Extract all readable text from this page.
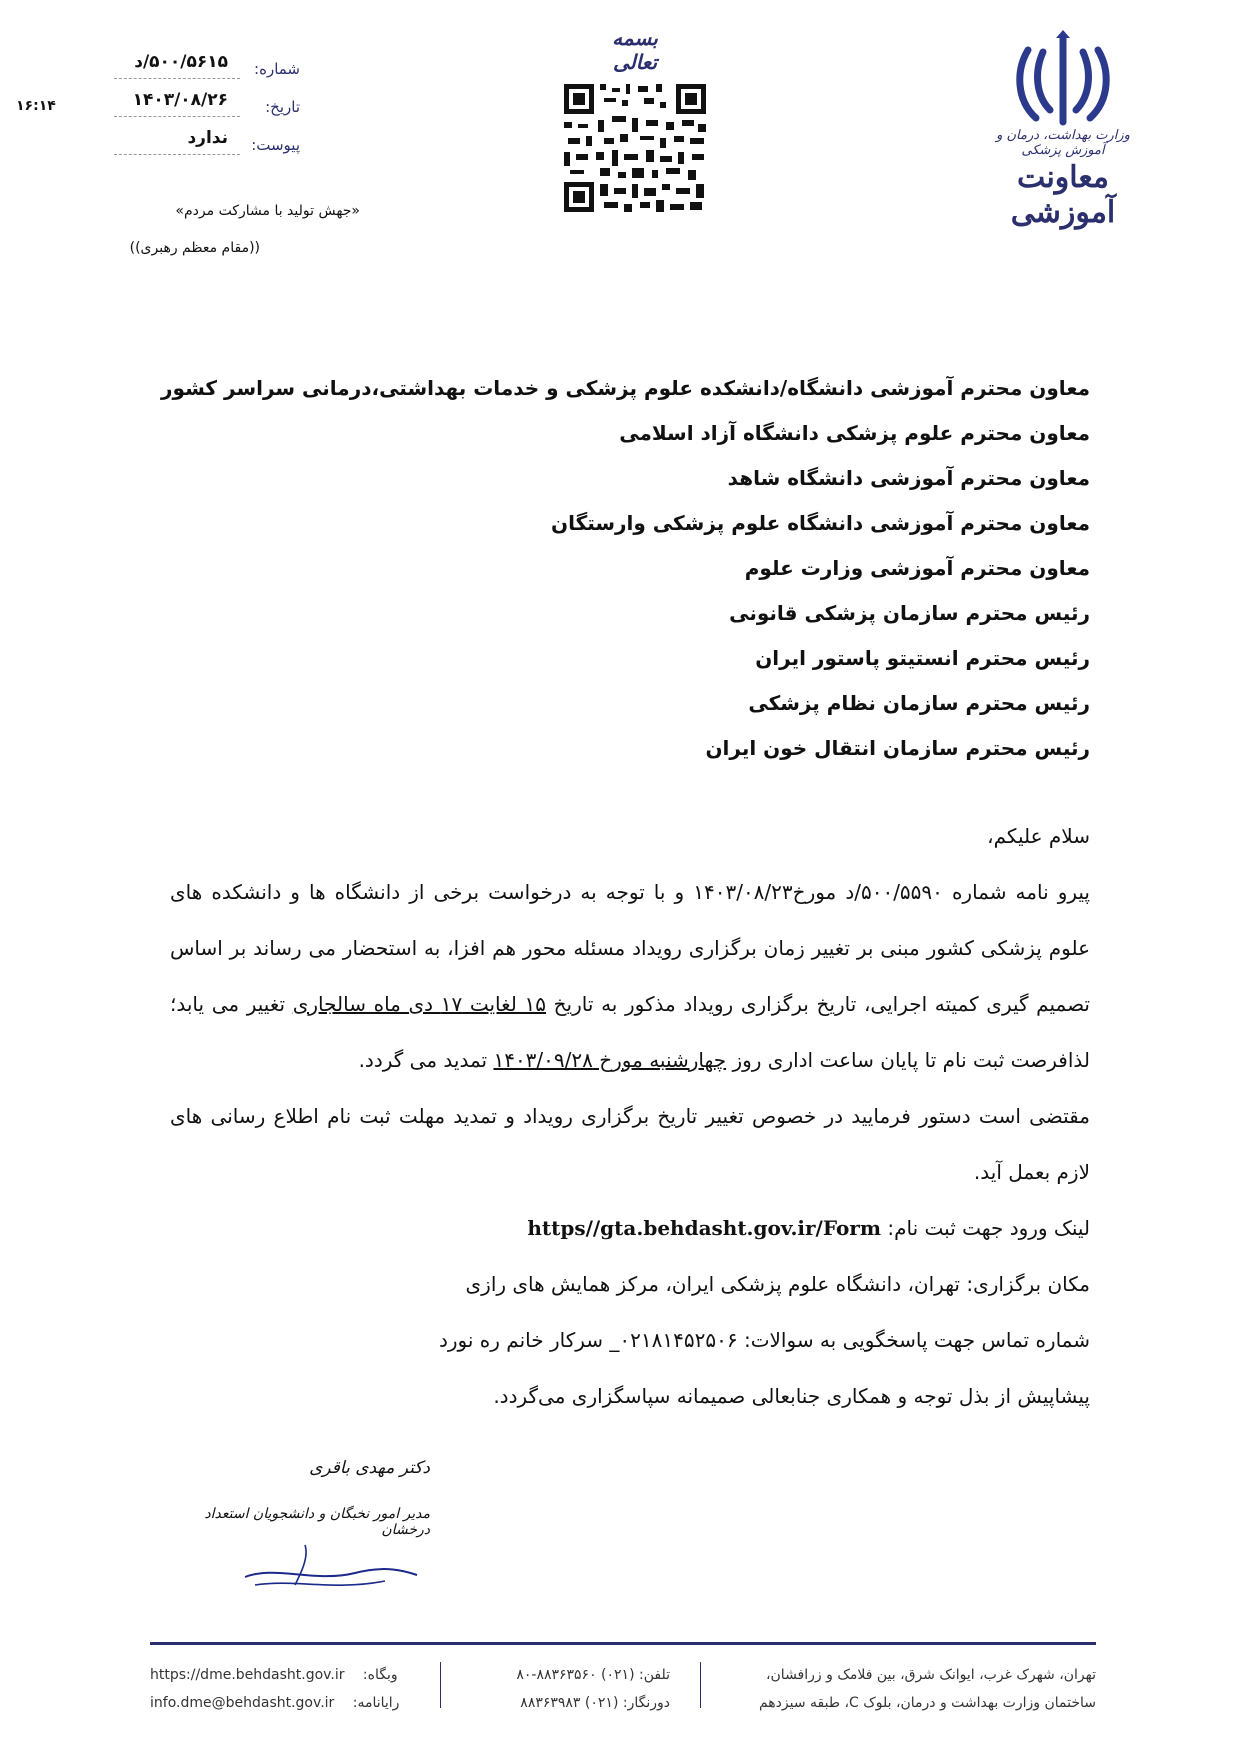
وزارت بهداشت، درمان و آموزش پزشکی
معاونت آموزشی
بسمه تعالی
شماره:
۵۰۰/۵۶۱۵/د
تاریخ:
۱۴۰۳/۰۸/۲۶
پیوست:
ندارد
۱۶:۱۴
«جهش تولید با مشارکت مردم»
((مقام معظم رهبری))
معاون محترم آموزشی دانشگاه/دانشکده علوم پزشکی و خدمات بهداشتی،درمانی سراسر کشور
معاون محترم علوم پزشکی دانشگاه آزاد اسلامی
معاون محترم آموزشی دانشگاه شاهد
معاون محترم آموزشی دانشگاه علوم پزشکی وارستگان
معاون محترم آموزشی وزارت علوم
رئیس محترم سازمان پزشکی قانونی
رئیس محترم انستیتو پاستور ایران
رئیس محترم سازمان نظام پزشکی
رئیس محترم سازمان انتقال خون ایران
سلام علیکم،
پیرو نامه شماره ۵۰۰/۵۵۹۰/د مورخ۱۴۰۳/۰۸/۲۳ و با توجه به درخواست برخی از دانشگاه ها و دانشکده های علوم پزشکی کشور مبنی بر تغییر زمان برگزاری رویداد مسئله محور هم افزا، به استحضار می رساند بر اساس تصمیم گیری کمیته اجرایی، تاریخ برگزاری رویداد مذکور به تاریخ ۱۵ لغایت ۱۷ دی ماه سالجاری تغییر می یابد؛ لذافرصت ثبت نام تا پایان ساعت اداری روز چهارشنبه مورخ ۱۴۰۳/۰۹/۲۸ تمدید می گردد.
مقتضی است دستور فرمایید در خصوص تغییر تاریخ برگزاری رویداد و تمدید مهلت ثبت نام اطلاع رسانی های لازم بعمل آید.
لینک ورود جهت ثبت نام: https//gta.behdasht.gov.ir/Form
مکان برگزاری: تهران، دانشگاه علوم پزشکی ایران، مرکز همایش های رازی
شماره تماس جهت پاسخگویی به سوالات: ۰۲۱۸۱۴۵۲۵۰۶_ سرکار خانم ره نورد
پیشاپیش از بذل توجه و همکاری جنابعالی صمیمانه سپاسگزاری می‌گردد.
دکتر مهدی باقری
مدیر امور نخبگان و دانشجویان استعداد درخشان
https://dme.behdasht.gov.ir وبگاه:
info.dme@behdasht.gov.ir رایانامه:
تلفن: (۰۲۱) ۸۸۳۶۳۵۶۰-۸۰
دورنگار: (۰۲۱) ۸۸۳۶۳۹۸۳
تهران، شهرک غرب، ایوانک شرق، بین فلامک و زرافشان،
ساختمان وزارت بهداشت و درمان، بلوک C، طبقه سیزدهم
